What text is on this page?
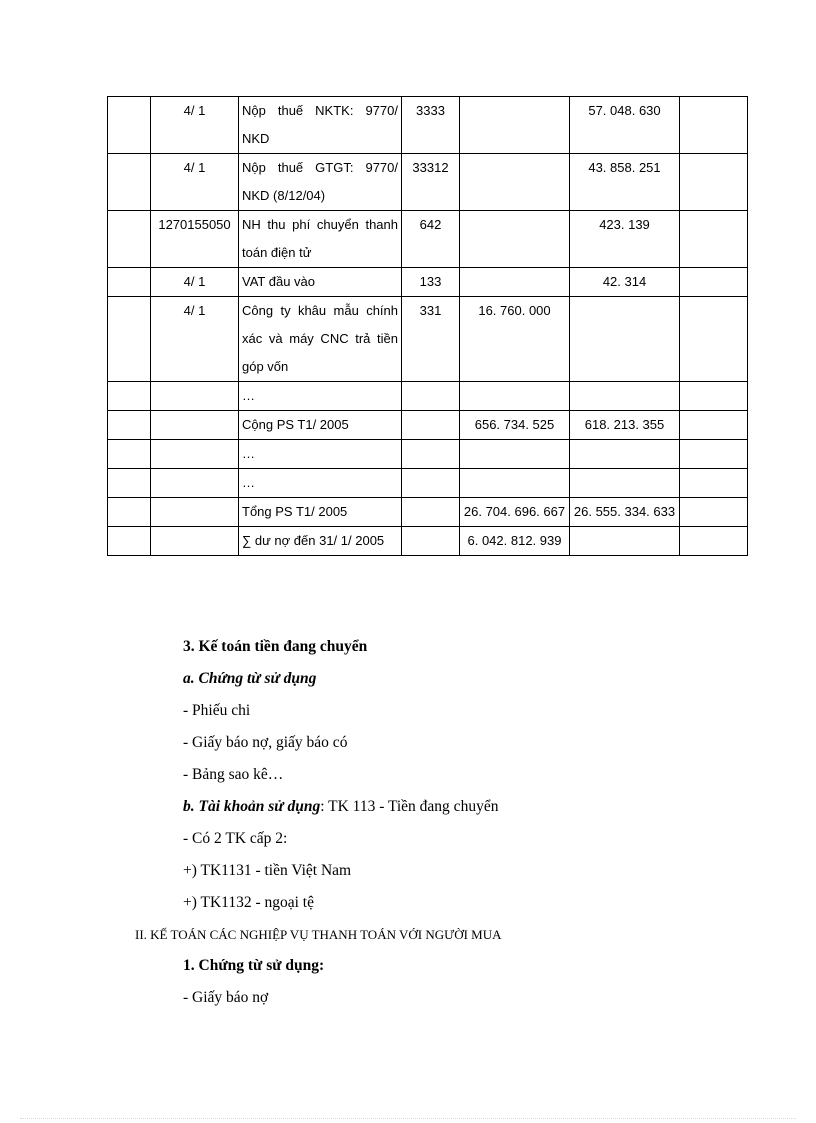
	4/ 1	Nộp thuế NKTK: 9770/ NKD	3333		57. 048. 630	
	4/ 1	Nộp thuế GTGT: 9770/ NKD (8/12/04)	33312		43. 858. 251	
	1270155050	NH thu phí chuyển thanh toán điện tử	642		423. 139	
	4/ 1	VAT đầu vào	133		42. 314	
	4/ 1	Công ty khâu mẫu chính xác và máy CNC trả tiền góp vốn	331	16. 760. 000		
		…				
		Cộng PS T1/ 2005		656. 734. 525	618. 213. 355	
		…				
		…				
		Tổng PS T1/ 2005		26. 704. 696. 667	26. 555. 334. 633	
		∑ dư nợ đến 31/ 1/ 2005		6. 042. 812. 939		
3. Kế toán tiền đang chuyển
a. Chứng từ sử dụng
- Phiếu chi
- Giấy báo nợ, giấy báo có
- Bảng sao kê…
b. Tài khoản sử dụng: TK 113 - Tiền đang chuyển
- Có 2 TK cấp 2:
+) TK1131 - tiền Việt Nam
+) TK1132 - ngoại tệ
II. KẾ TOÁN CÁC NGHIỆP VỤ THANH TOÁN VỚI NGƯỜI MUA
1. Chứng từ sử dụng:
- Giấy báo nợ
